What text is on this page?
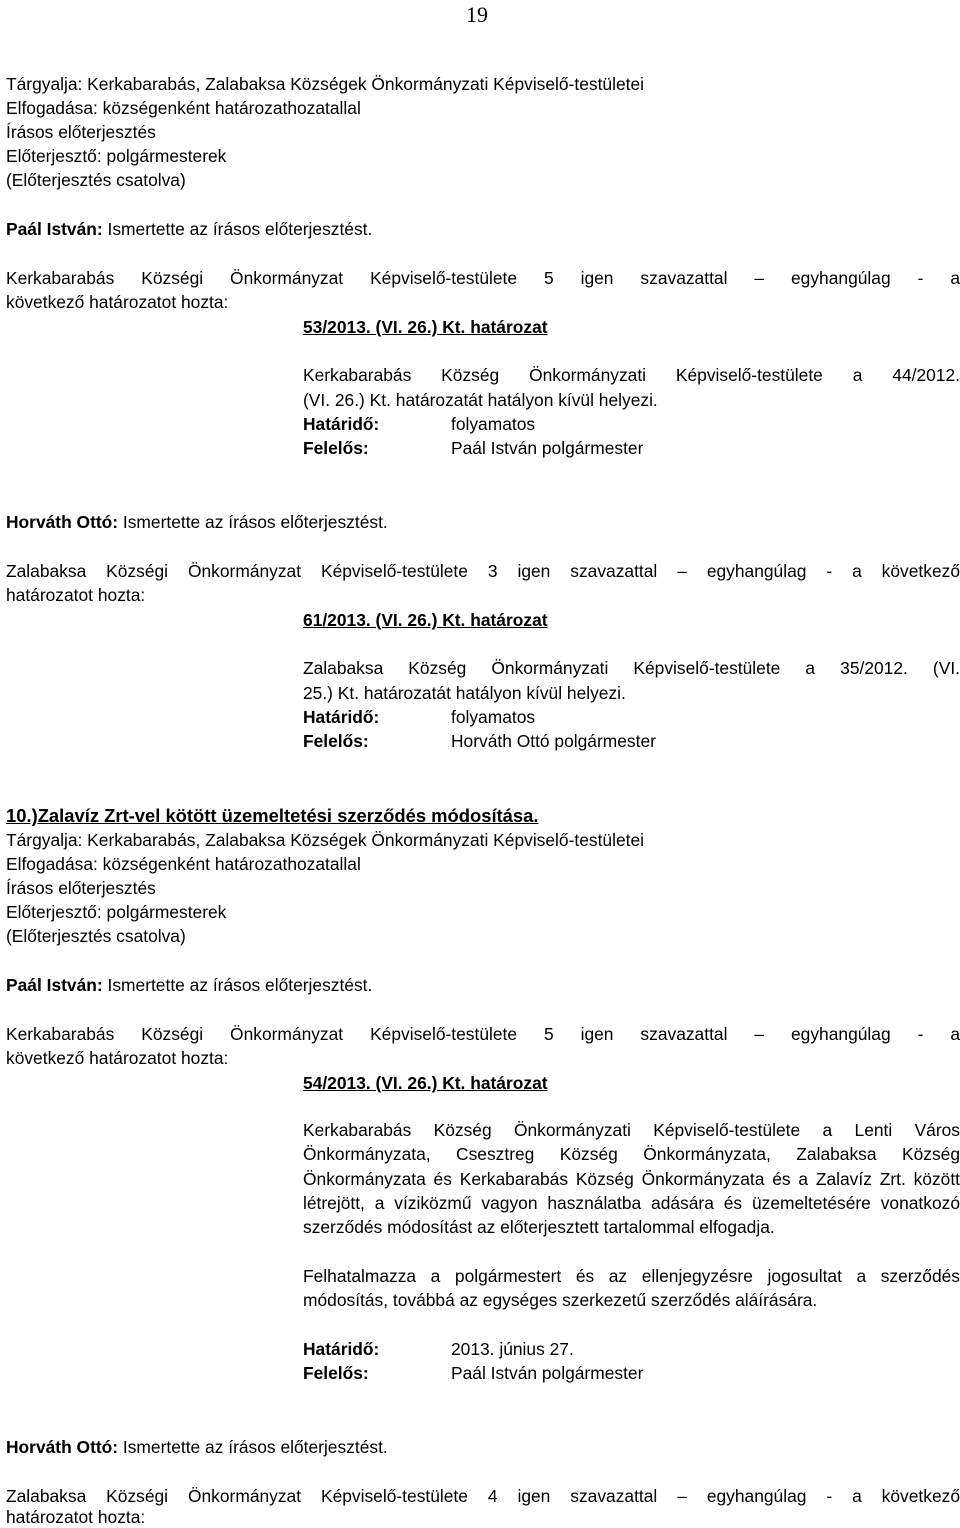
19
Tárgyalja: Kerkabarabás, Zalabaksa Községek Önkormányzati Képviselő-testületei
Elfogadása: községenként határozathozatallal
Írásos előterjesztés
Előterjesztő: polgármesterek
(Előterjesztés csatolva)
Paál István: Ismertette az írásos előterjesztést.
Kerkabarabás Községi Önkormányzat Képviselő-testülete 5 igen szavazattal – egyhangúlag - a
következő határozatot hozta:
53/2013. (VI. 26.) Kt. határozat
Kerkabarabás Község Önkormányzati Képviselő-testülete a 44/2012.
(VI. 26.) Kt. határozatát hatályon kívül helyezi.
Határidő:	folyamatos
Felelős:	Paál István polgármester
Horváth Ottó: Ismertette az írásos előterjesztést.
Zalabaksa Községi Önkormányzat Képviselő-testülete 3 igen szavazattal – egyhangúlag - a következő
határozatot hozta:
61/2013. (VI. 26.) Kt. határozat
Zalabaksa Község Önkormányzati Képviselő-testülete a 35/2012. (VI.
25.) Kt. határozatát hatályon kívül helyezi.
Határidő:	folyamatos
Felelős:	Horváth Ottó polgármester
10.)Zalavíz Zrt-vel kötött üzemeltetési szerződés módosítása.
Tárgyalja: Kerkabarabás, Zalabaksa Községek Önkormányzati Képviselő-testületei
Elfogadása: községenként határozathozatallal
Írásos előterjesztés
Előterjesztő: polgármesterek
(Előterjesztés csatolva)
Paál István: Ismertette az írásos előterjesztést.
Kerkabarabás Községi Önkormányzat Képviselő-testülete 5 igen szavazattal – egyhangúlag - a
következő határozatot hozta:
54/2013. (VI. 26.) Kt. határozat
Kerkabarabás Község Önkormányzati Képviselő-testülete a Lenti Város Önkormányzata, Csesztreg Község Önkormányzata, Zalabaksa Község Önkormányzata és Kerkabarabás Község Önkormányzata és a Zalavíz Zrt. között létrejött, a víziközmű vagyon használatba adására és üzemeltetésére vonatkozó szerződés módosítást az előterjesztett tartalommal elfogadja.
Felhatalmazza a polgármestert és az ellenjegyzésre jogosultat a szerződés módosítás, továbbá az egységes szerkezetű szerződés aláírására.
Határidő:	2013. június 27.
Felelős:	Paál István polgármester
Horváth Ottó: Ismertette az írásos előterjesztést.
Zalabaksa Községi Önkormányzat Képviselő-testülete 4 igen szavazattal – egyhangúlag - a következő
határozatot hozta:
